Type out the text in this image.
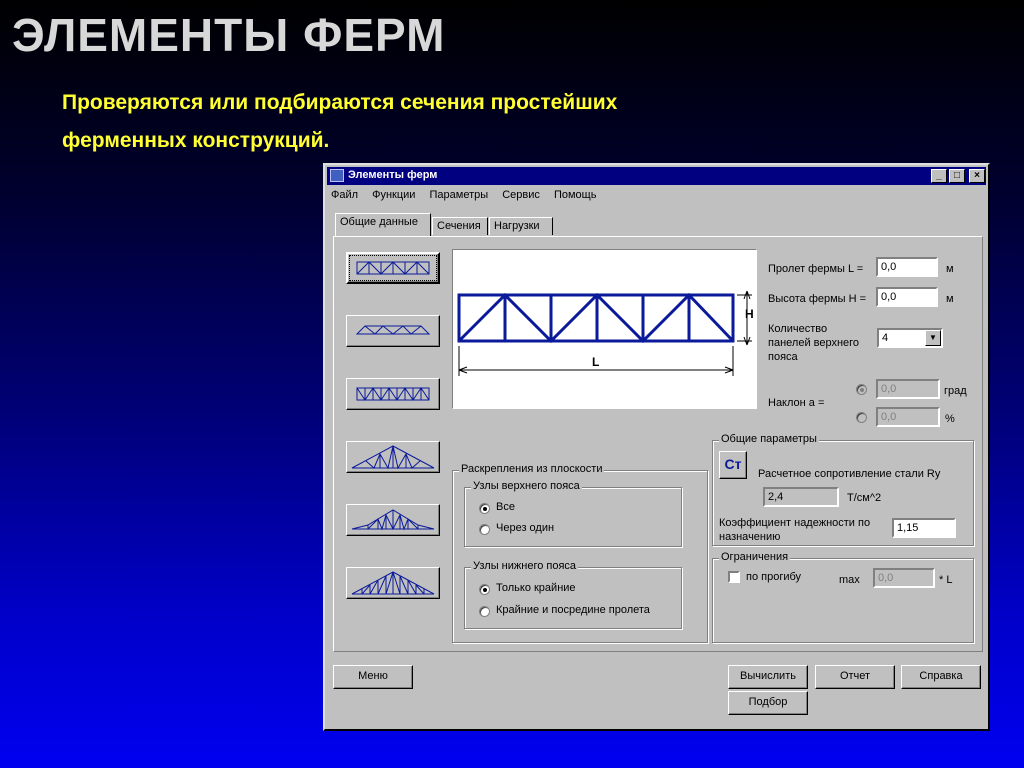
ЭЛЕМЕНТЫ ФЕРМ

Проверяются или подбираются сечения простейших
ферменных конструкций.

Элементы ферм	_	□	×
Файл Функции Параметры Сервис Помощь
Общие данные	Сечения	Нагрузки
H
L
Пролет фермы L =	0,0	м
Высота фермы H =	0,0	м
Количество
панелей верхнего
пояса
4	▼
Наклон a =
0,0	град
0,0	%
Раскрепления из плоскости
Узлы верхнего пояса
Все
Через один
Узлы нижнего пояса
Только крайние
Крайние и посредине пролета
Общие параметры
Ст
Расчетное сопротивление стали Ry
2,4	Т/см^2
Коэффициент надежности по
назначению
1,15
Ограничения
по прогибу	max	0,0	* L
Меню	Вычислить	Отчет	Справка
Подбор
